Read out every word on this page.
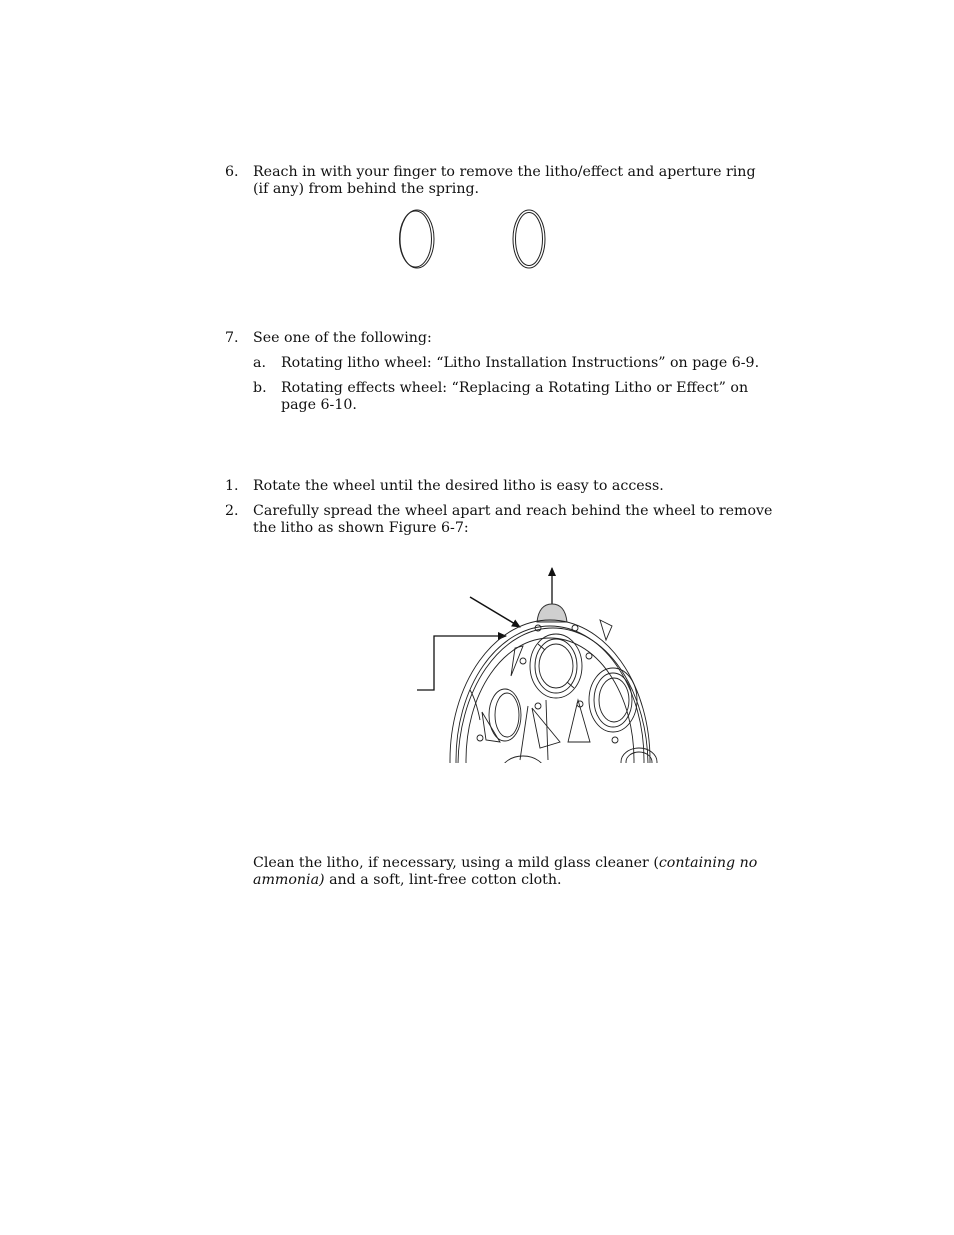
6. Reach in with your finger to remove the litho/effect and aperture ring
(if any) from behind the spring.
7. See one of the following:
a. Rotating litho wheel: “Litho Installation Instructions” on page 6-9.
b. Rotating effects wheel: “Replacing a Rotating Litho or Effect” on
page 6-10.
1. Rotate the wheel until the desired litho is easy to access.
2. Carefully spread the wheel apart and reach behind the wheel to remove
the litho as shown Figure 6-7:
Clean the litho, if necessary, using a mild glass cleaner (containing no
ammonia) and a soft, lint-free cotton cloth.
